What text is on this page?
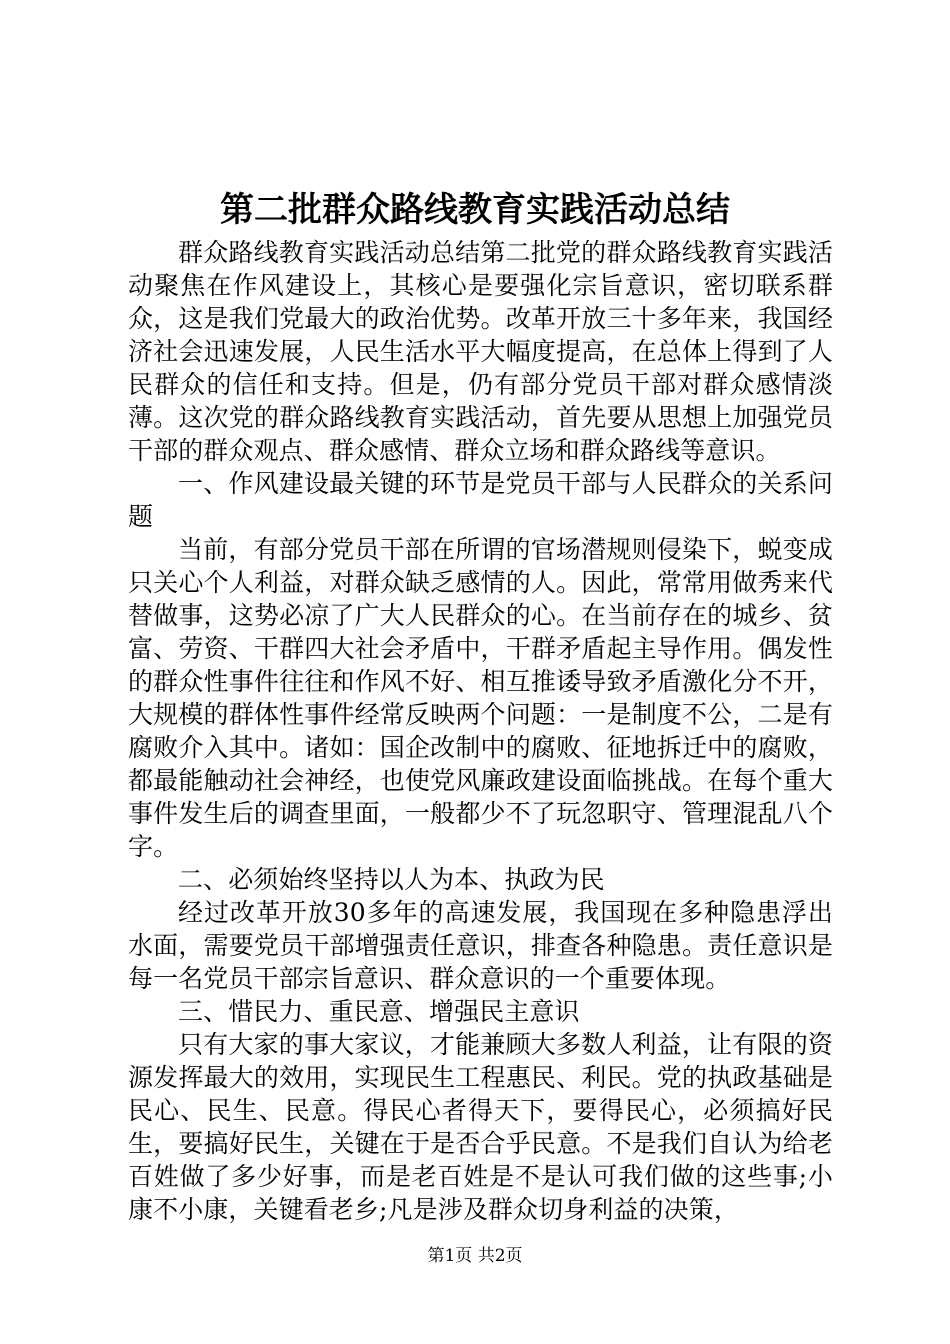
第二批群众路线教育实践活动总结

群众路线教育实践活动总结第二批党的群众路线教育实践活动聚焦在作风建设上，其核心是要强化宗旨意识，密切联系群众，这是我们党最大的政治优势。改革开放三十多年来，我国经济社会迅速发展，人民生活水平大幅度提高，在总体上得到了人民群众的信任和支持。但是，仍有部分党员干部对群众感情淡薄。这次党的群众路线教育实践活动，首先要从思想上加强党员干部的群众观点、群众感情、群众立场和群众路线等意识。

一、作风建设最关键的环节是党员干部与人民群众的关系问题

当前，有部分党员干部在所谓的官场潜规则侵染下，蜕变成只关心个人利益，对群众缺乏感情的人。因此，常常用做秀来代替做事，这势必凉了广大人民群众的心。在当前存在的城乡、贫富、劳资、干群四大社会矛盾中，干群矛盾起主导作用。偶发性的群众性事件往往和作风不好、相互推诿导致矛盾激化分不开，大规模的群体性事件经常反映两个问题：一是制度不公，二是有腐败介入其中。诸如：国企改制中的腐败、征地拆迁中的腐败，都最能触动社会神经，也使党风廉政建设面临挑战。在每个重大事件发生后的调查里面，一般都少不了玩忽职守、管理混乱八个字。

二、必须始终坚持以人为本、执政为民

经过改革开放30多年的高速发展，我国现在多种隐患浮出水面，需要党员干部增强责任意识，排查各种隐患。责任意识是每一名党员干部宗旨意识、群众意识的一个重要体现。

三、惜民力、重民意、增强民主意识

只有大家的事大家议，才能兼顾大多数人利益，让有限的资源发挥最大的效用，实现民生工程惠民、利民。党的执政基础是民心、民生、民意。得民心者得天下，要得民心，必须搞好民生，要搞好民生，关键在于是否合乎民意。不是我们自认为给老百姓做了多少好事，而是老百姓是不是认可我们做的这些事;小康不小康，关键看老乡;凡是涉及群众切身利益的决策，

第1页 共2页
